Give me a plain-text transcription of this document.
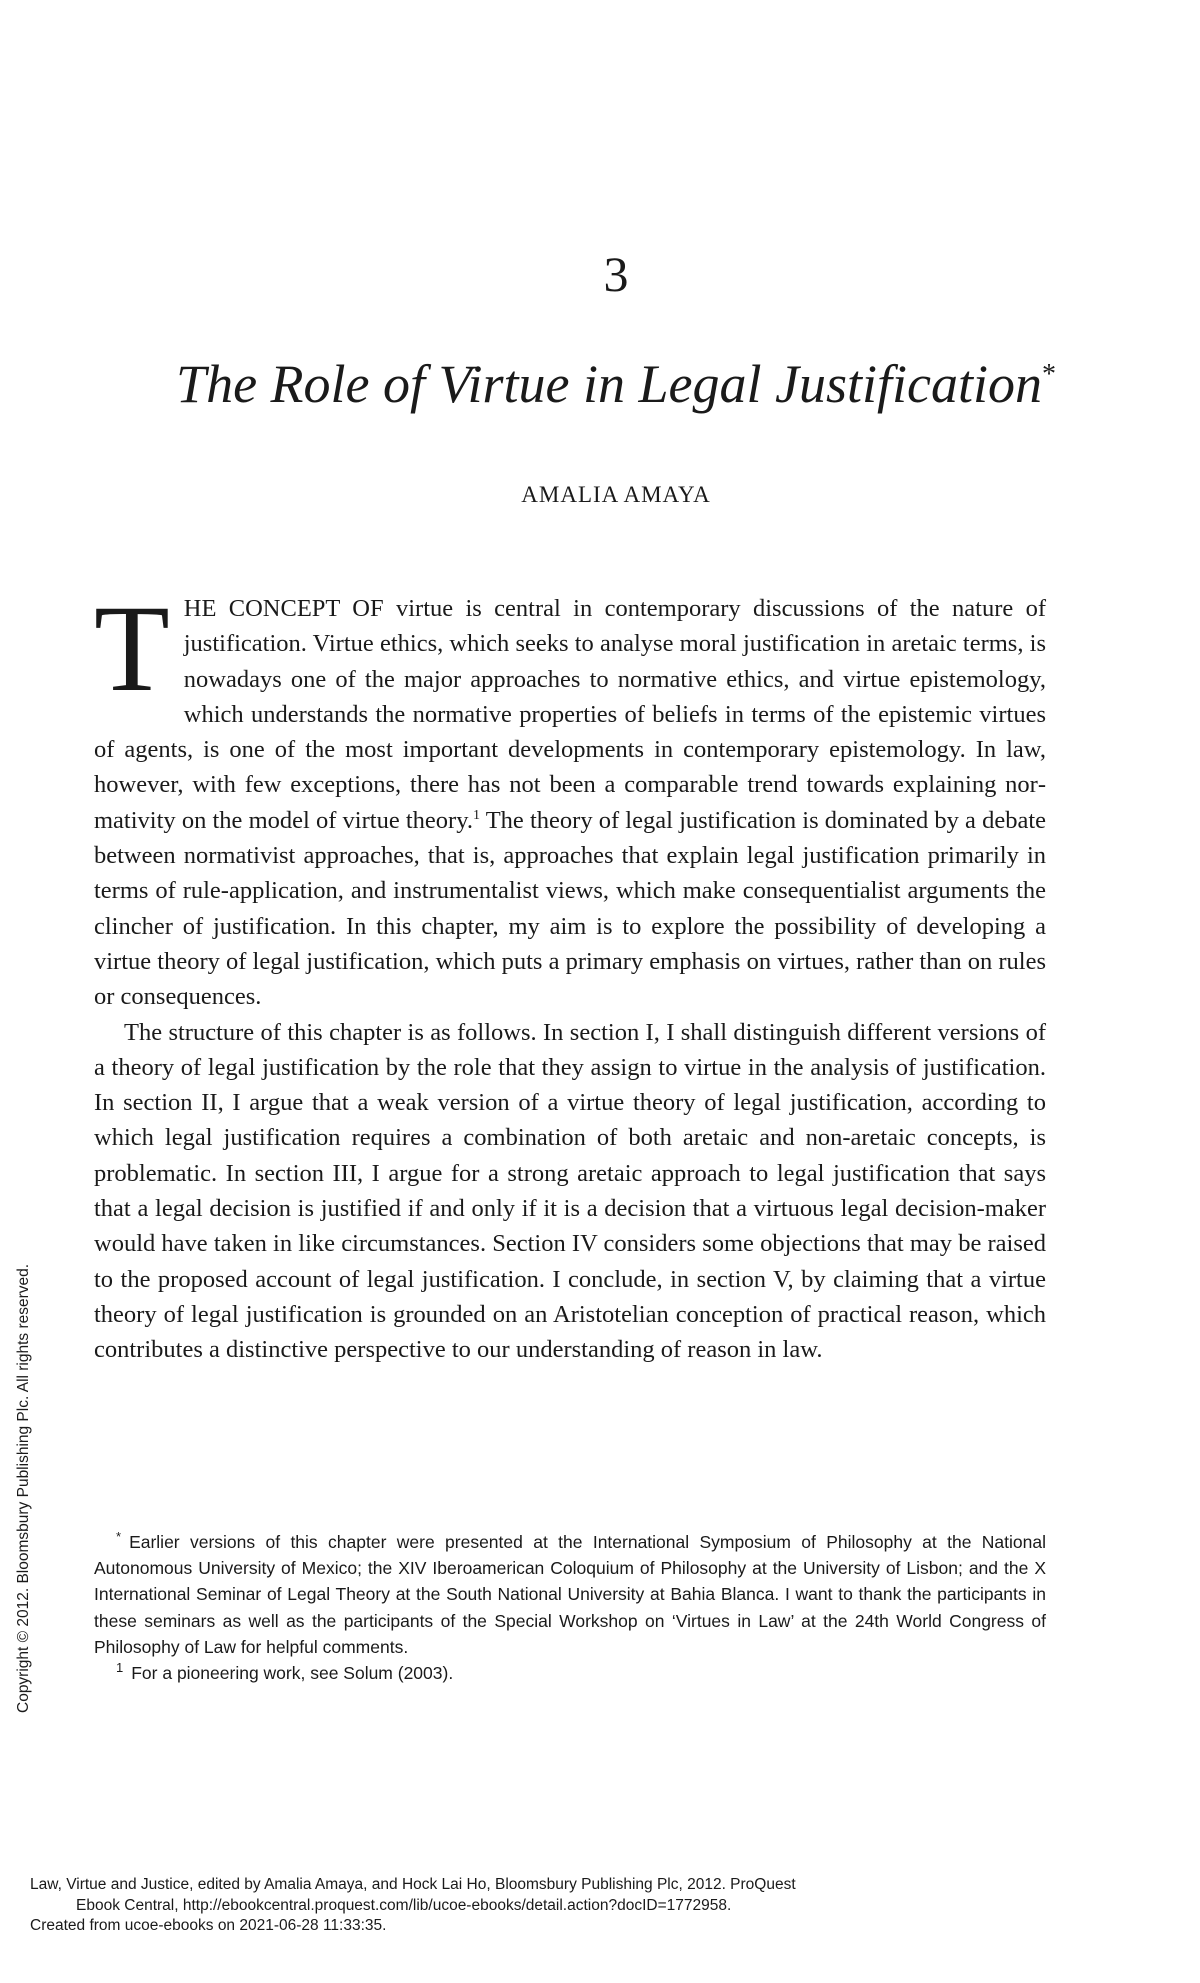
3
The Role of Virtue in Legal Justification*
AMALIA AMAYA

THE CONCEPT OF virtue is central in contemporary discussions of the nature of justification. Virtue ethics, which seeks to analyse moral justification in aretaic terms, is nowadays one of the major approaches to normative ethics, and virtue epistemology, which understands the normative properties of beliefs in terms of the epistemic virtues of agents, is one of the most important developments in contemporary epistemology. In law, however, with few exceptions, there has not been a comparable trend towards explaining normativity on the model of virtue theory.$^1$ The theory of legal justification is dominated by a debate between normativist approaches, that is, approaches that explain legal justification primarily in terms of rule-application, and instrumentalist views, which make consequentialist arguments the clincher of justification. In this chapter, my aim is to explore the possibility of developing a virtue theory of legal justification, which puts a primary emphasis on virtues, rather than on rules or consequences.

The structure of this chapter is as follows. In section I, I shall distinguish different versions of a theory of legal justification by the role that they assign to virtue in the analysis of justification. In section II, I argue that a weak version of a virtue theory of legal justification, according to which legal justification requires a combination of both aretaic and non-aretaic concepts, is problematic. In section III, I argue for a strong aretaic approach to legal justification that says that a legal decision is justified if and only if it is a decision that a virtuous legal decision-maker would have taken in like circumstances. Section IV considers some objections that may be raised to the proposed account of legal justification. I conclude, in section V, by claiming that a virtue theory of legal justification is grounded on an Aristotelian conception of practical reason, which contributes a distinctive perspective to our understanding of reason in law.

* Earlier versions of this chapter were presented at the International Symposium of Philosophy at the National Autonomous University of Mexico; the XIV Iberoamerican Coloquium of Philosophy at the University of Lisbon; and the X International Seminar of Legal Theory at the South National University at Bahia Blanca. I want to thank the participants in these seminars as well as the participants of the Special Workshop on ‘Virtues in Law’ at the 24th World Congress of Philosophy of Law for helpful comments.

$^1$ For a pioneering work, see Solum (2003).

Copyright © 2012. Bloomsbury Publishing Plc. All rights reserved.
Law, Virtue and Justice, edited by Amalia Amaya, and Hock Lai Ho, Bloomsbury Publishing Plc, 2012. ProQuest
Ebook Central, http://ebookcentral.proquest.com/lib/ucoe-ebooks/detail.action?docID=1772958.
Created from ucoe-ebooks on 2021-06-28 11:33:35.
